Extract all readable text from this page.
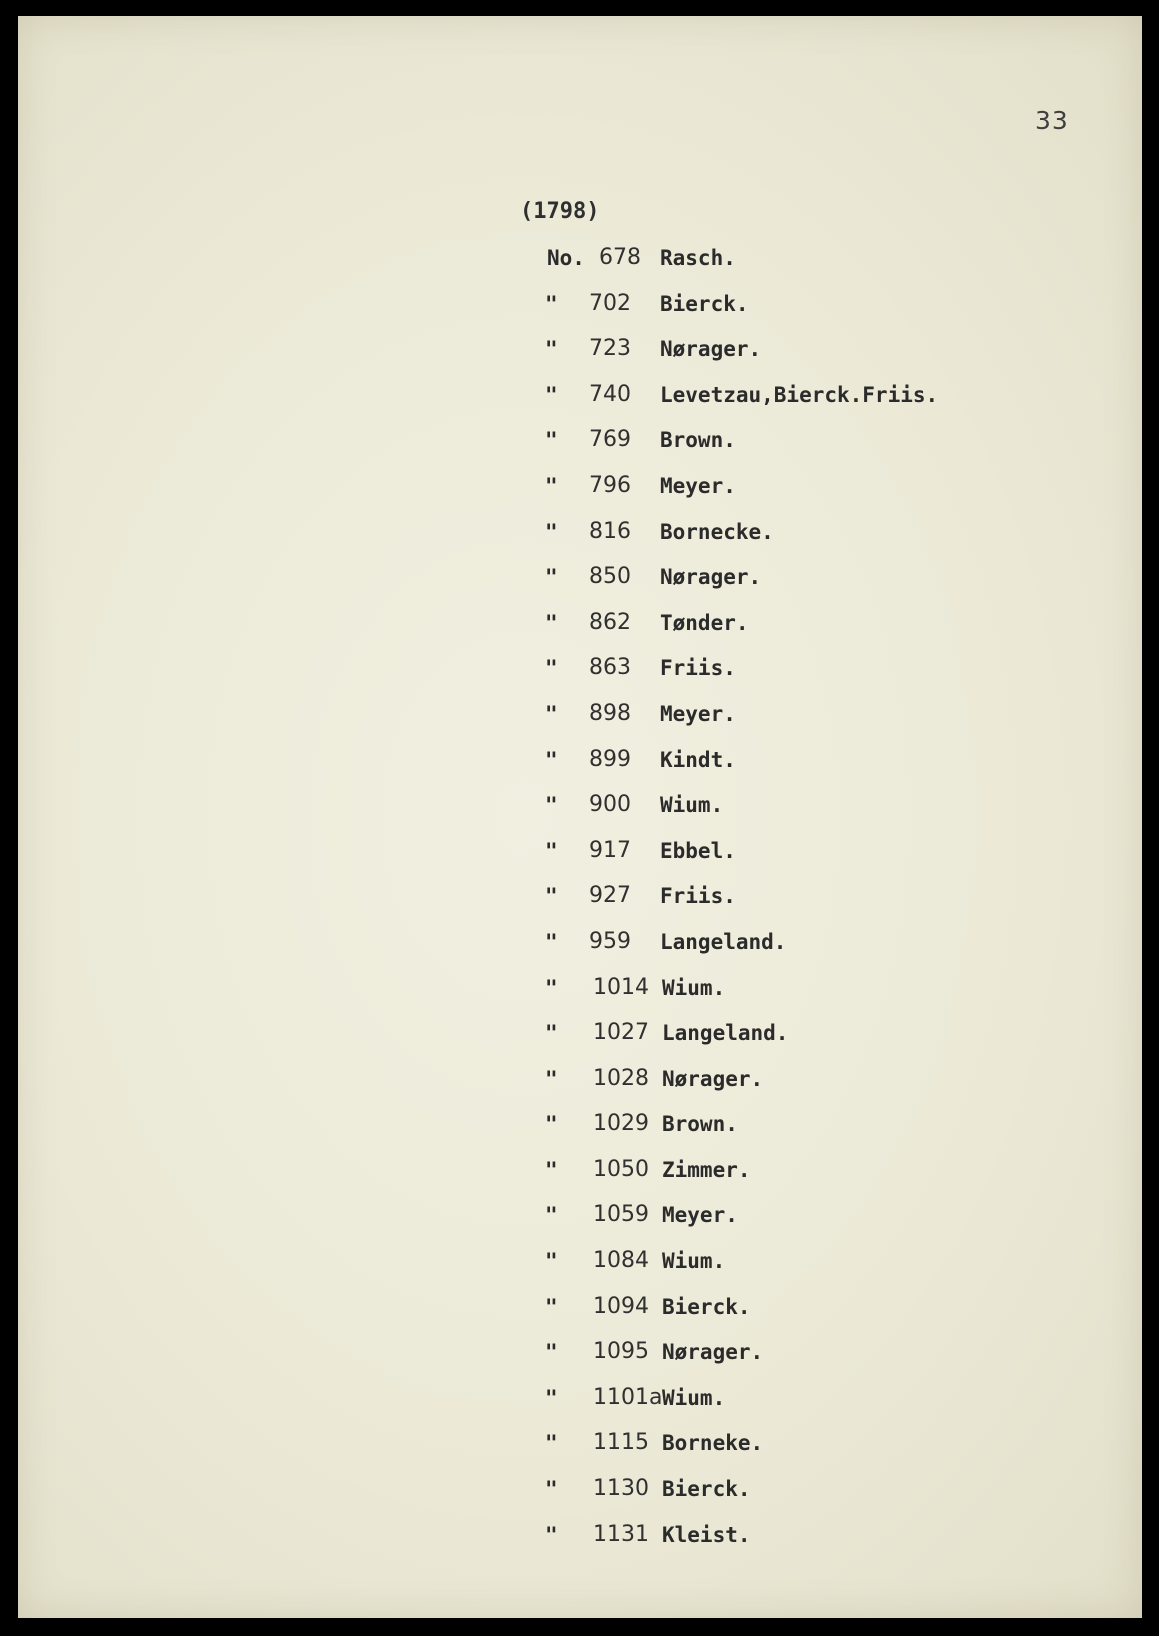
33
(1798)
No. 678 Rasch.
" 702 Bierck.
" 723 Nørager.
" 740 Levetzau,Bierck.Friis.
" 769 Brown.
" 796 Meyer.
" 816 Bornecke.
" 850 Nørager.
" 862 Tønder.
" 863 Friis.
" 898 Meyer.
" 899 Kindt.
" 900 Wium.
" 917 Ebbel.
" 927 Friis.
" 959 Langeland.
" 1014 Wium.
" 1027 Langeland.
" 1028 Nørager.
" 1029 Brown.
" 1050 Zimmer.
" 1059 Meyer.
" 1084 Wium.
" 1094 Bierck.
" 1095 Nørager.
" 1101a Wium.
" 1115 Borneke.
" 1130 Bierck.
" 1131 Kleist.
